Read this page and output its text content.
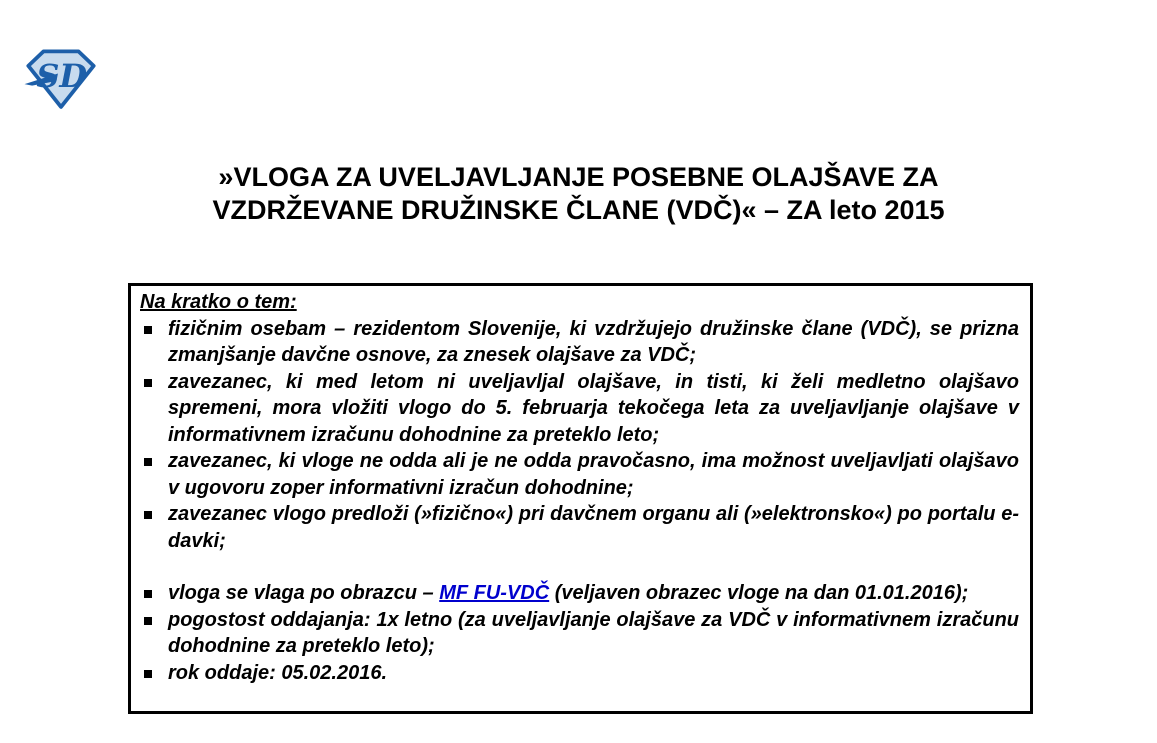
SD
»VLOGA ZA UVELJAVLJANJE POSEBNE OLAJŠAVE ZA
VZDRŽEVANE DRUŽINSKE ČLANE (VDČ)« – ZA leto 2015
Na kratko o tem:
fizičnim osebam – rezidentom Slovenije, ki vzdržujejo družinske člane (VDČ), se prizna zmanjšanje davčne osnove, za znesek olajšave za VDČ;
zavezanec, ki med letom ni uveljavljal olajšave, in tisti, ki želi medletno olajšavo spremeni, mora vložiti vlogo do 5. februarja tekočega leta za uveljavljanje olajšave v informativnem izračunu dohodnine za preteklo leto;
zavezanec, ki vloge ne odda ali je ne odda pravočasno, ima možnost uveljavljati olajšavo v ugovoru zoper informativni izračun dohodnine;
zavezanec vlogo predloži (»fizično«) pri davčnem organu ali (»elektronsko«) po portalu e-davki;
vloga se vlaga po obrazcu – MF FU-VDČ (veljaven obrazec vloge na dan 01.01.2016);
pogostost oddajanja: 1x letno (za uveljavljanje olajšave za VDČ v informativnem izračunu dohodnine za preteklo leto);
rok oddaje: 05.02.2016.
